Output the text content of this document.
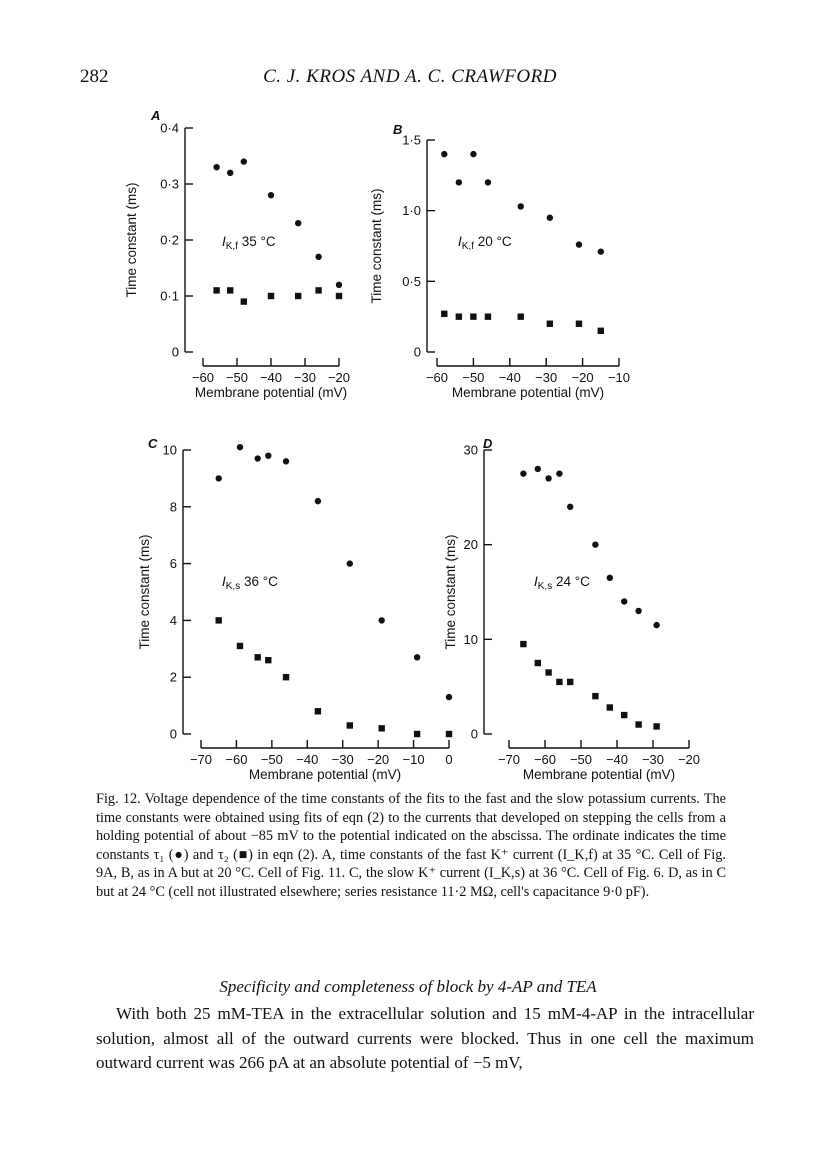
282	C. J. KROS AND A. C. CRAWFORD
0
0·1
0·2
0·3
0·4
−60 −50 −40 −30 −20
Membrane potential (mV)
Time constant (ms)
A
$I_{K,f}$ 35 °C
0
0·5
1·0
1·5
−60 −50 −40 −30 −20 −10
Membrane potential (mV)
Time constant (ms)
B
$I_{K,f}$ 20 °C
0
2
4
6
8
10
−70 −60 −50 −40 −30 −20 −10 0
Membrane potential (mV)
Time constant (ms)
C
$I_{K,s}$ 36 °C
0
10
20
30
−70 −60 −50 −40 −30 −20
Membrane potential (mV)
Time constant (ms)
D
$I_{K,s}$ 24 °C
Fig. 12. Voltage dependence of the time constants of the fits to the fast and the slow potassium currents. The time constants were obtained using fits of eqn (2) to the currents that developed on stepping the cells from a holding potential of about −85 mV to the potential indicated on the abscissa. The ordinate indicates the time constants τ₁ (●) and τ₂ (■) in eqn (2). A, time constants of the fast K⁺ current (I_K,f) at 35 °C. Cell of Fig. 9A, B, as in A but at 20 °C. Cell of Fig. 11. C, the slow K⁺ current (I_K,s) at 36 °C. Cell of Fig. 6. D, as in C but at 24 °C (cell not illustrated elsewhere; series resistance 11·2 MΩ, cell's capacitance 9·0 pF).
Specificity and completeness of block by 4-AP and TEA
With both 25 mM-TEA in the extracellular solution and 15 mM-4-AP in the intracellular solution, almost all of the outward currents were blocked. Thus in one cell the maximum outward current was 266 pA at an absolute potential of −5 mV,
